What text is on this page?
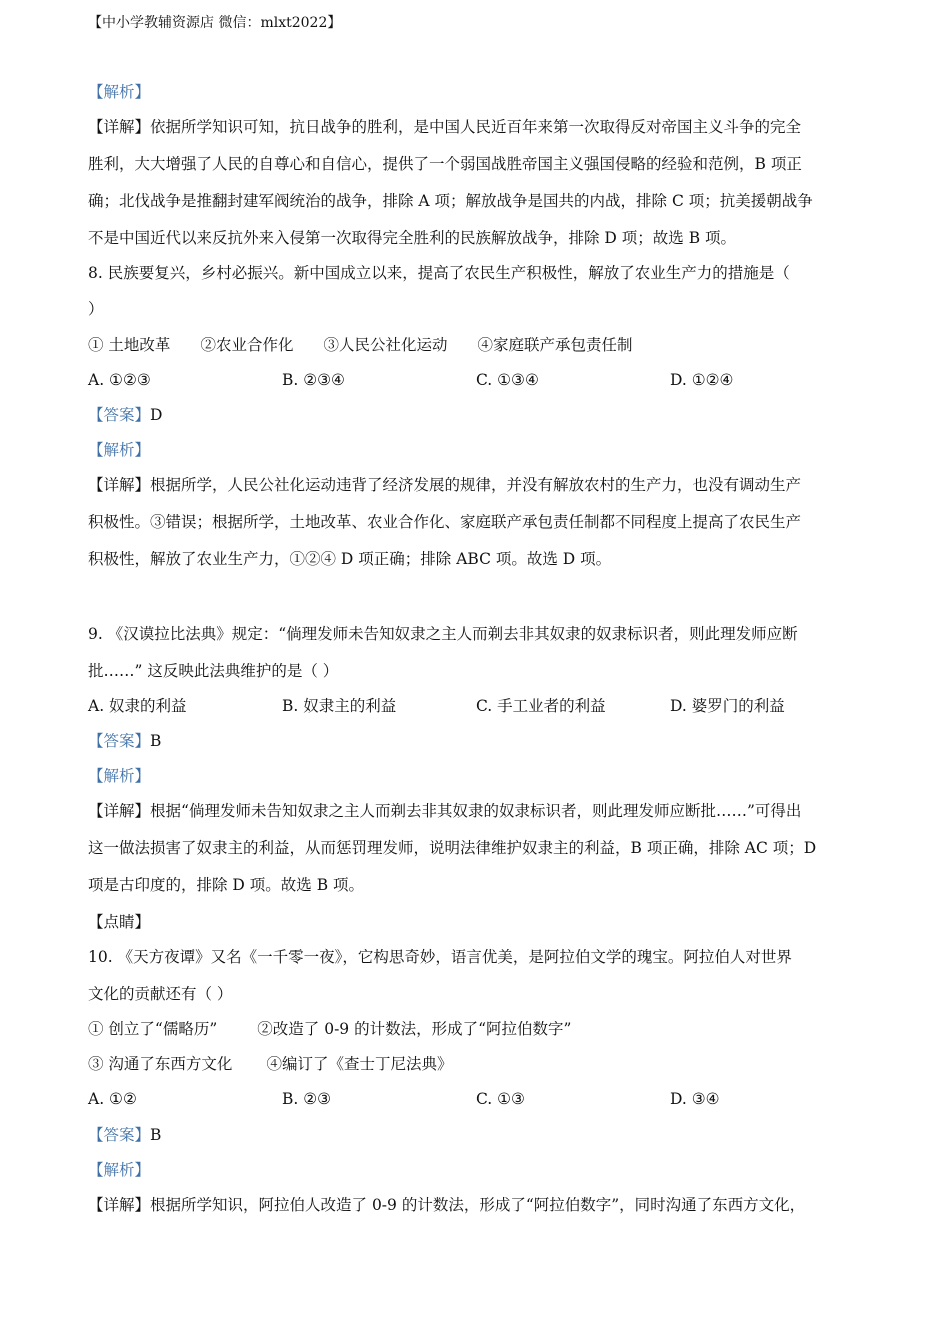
【中小学教辅资源店 微信：mlxt2022】
【解析】
【详解】依据所学知识可知，抗日战争的胜利，是中国人民近百年来第一次取得反对帝国主义斗争的完全
胜利，大大增强了人民的自尊心和自信心，提供了一个弱国战胜帝国主义强国侵略的经验和范例，B 项正
确；北伐战争是推翻封建军阀统治的战争，排除 A 项；解放战争是国共的内战，排除 C 项；抗美援朝战争
不是中国近代以来反抗外来入侵第一次取得完全胜利的民族解放战争，排除 D 项；故选 B 项。
8. 民族要复兴，乡村必振兴。新中国成立以来，提高了农民生产积极性，解放了农业生产力的措施是（
）
① 土地改革 ②农业合作化 ③人民公社化运动 ④家庭联产承包责任制
A. ①②③	B. ②③④	C. ①③④	D. ①②④
【答案】D
【解析】
【详解】根据所学，人民公社化运动违背了经济发展的规律，并没有解放农村的生产力，也没有调动生产
积极性。③错误；根据所学，土地改革、农业合作化、家庭联产承包责任制都不同程度上提高了农民生产
积极性，解放了农业生产力，①②④ D 项正确；排除 ABC 项。故选 D 项。
9. 《汉谟拉比法典》规定：“倘理发师未告知奴隶之主人而剃去非其奴隶的奴隶标识者，则此理发师应断
批……” 这反映此法典维护的是（ ）
A. 奴隶的利益	B. 奴隶主的利益	C. 手工业者的利益	D. 婆罗门的利益
【答案】B
【解析】
【详解】根据“倘理发师未告知奴隶之主人而剃去非其奴隶的奴隶标识者，则此理发师应断批……”可得出
这一做法损害了奴隶主的利益，从而惩罚理发师，说明法律维护奴隶主的利益，B 项正确，排除 AC 项；D
项是古印度的，排除 D 项。故选 B 项。
【点睛】
10. 《天方夜谭》又名《一千零一夜》，它构思奇妙，语言优美，是阿拉伯文学的瑰宝。阿拉伯人对世界
文化的贡献还有（ ）
① 创立了“儒略历”	②改造了 0-9 的计数法，形成了“阿拉伯数字”
③ 沟通了东西方文化 ④编订了《查士丁尼法典》
A. ①②	B. ②③	C. ①③	D. ③④
【答案】B
【解析】
【详解】根据所学知识，阿拉伯人改造了 0-9 的计数法，形成了“阿拉伯数字”，同时沟通了东西方文化，
